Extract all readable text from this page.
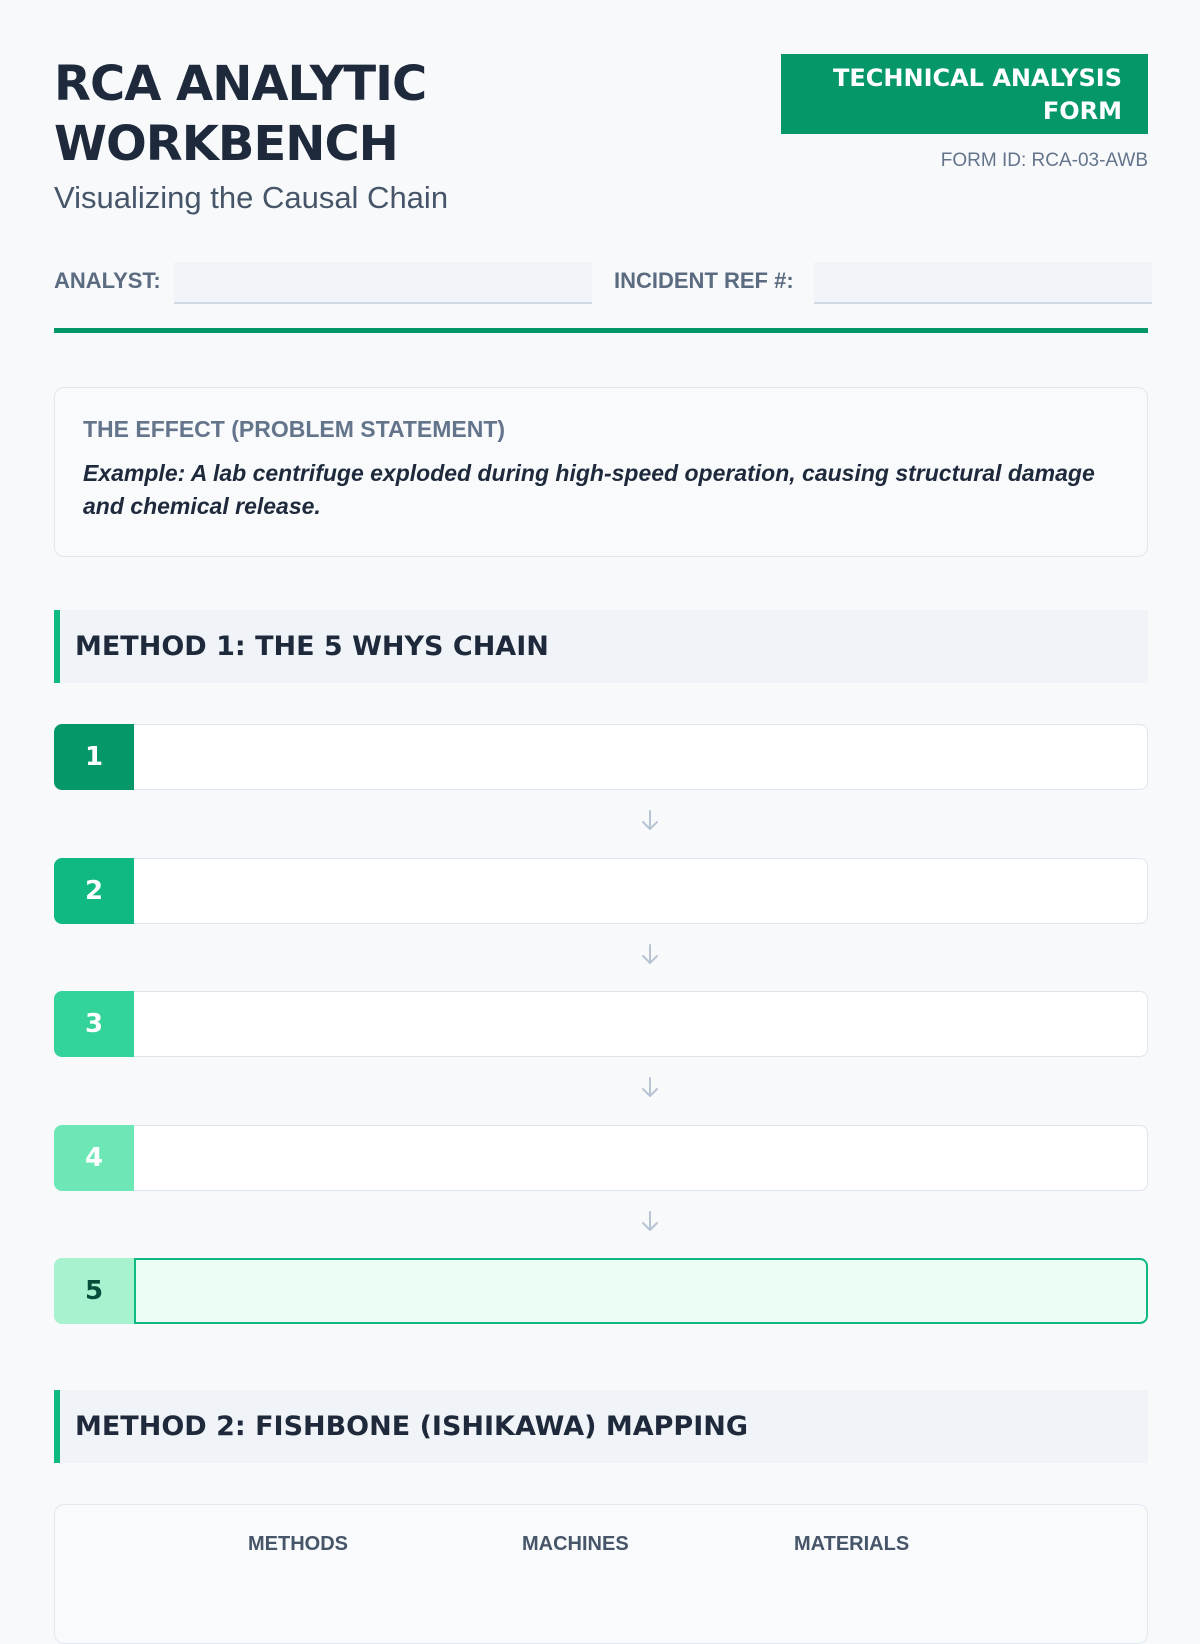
RCA ANALYTIC WORKBENCH
Visualizing the Causal Chain
TECHNICAL ANALYSIS FORM
FORM ID: RCA-03-AWB
ANALYST:	INCIDENT REF #:
THE EFFECT (PROBLEM STATEMENT)
Example: A lab centrifuge exploded during high-speed operation, causing structural damage and chemical release.
METHOD 1: THE 5 WHYS CHAIN
1
2
3
4
5
METHOD 2: FISHBONE (ISHIKAWA) MAPPING
METHODS	MACHINES	MATERIALS
